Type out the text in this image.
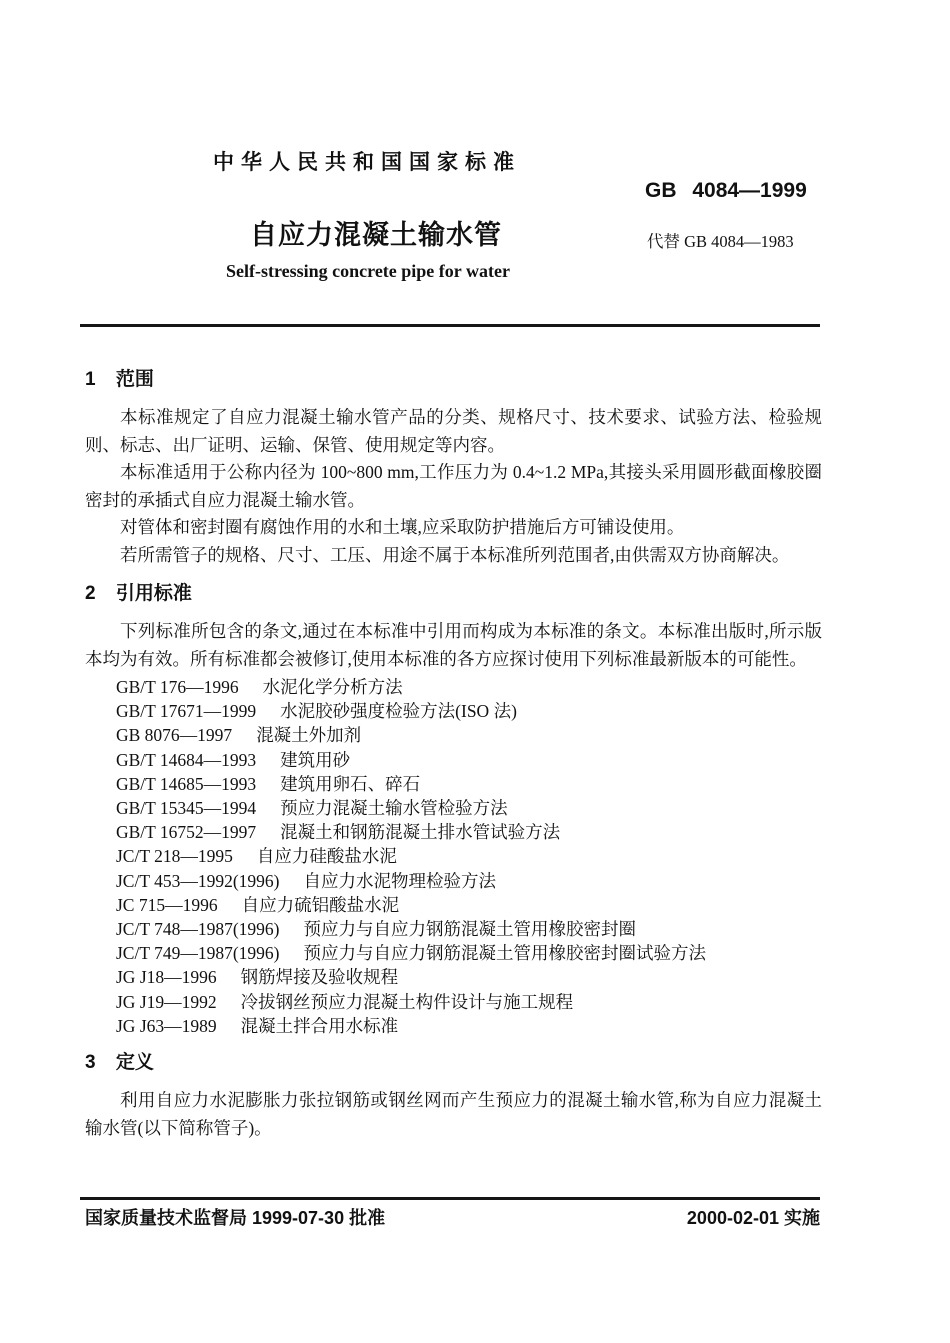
中华人民共和国国家标准
GB 4084—1999
自应力混凝土输水管	代替 GB 4084—1983
Self-stressing concrete pipe for water
1 范围

本标准规定了自应力混凝土输水管产品的分类、规格尺寸、技术要求、试验方法、检验规则、标志、出厂证明、运输、保管、使用规定等内容。

本标准适用于公称内径为 100~800 mm,工作压力为 0.4~1.2 MPa,其接头采用圆形截面橡胶圈密封的承插式自应力混凝土输水管。

对管体和密封圈有腐蚀作用的水和土壤,应采取防护措施后方可铺设使用。

若所需管子的规格、尺寸、工压、用途不属于本标准所列范围者,由供需双方协商解决。

2 引用标准

下列标准所包含的条文,通过在本标准中引用而构成为本标准的条文。本标准出版时,所示版本均为有效。所有标准都会被修订,使用本标准的各方应探讨使用下列标准最新版本的可能性。

GB/T 176—1996 水泥化学分析方法
GB/T 17671—1999 水泥胶砂强度检验方法(ISO 法)
GB 8076—1997 混凝土外加剂
GB/T 14684—1993 建筑用砂
GB/T 14685—1993 建筑用卵石、碎石
GB/T 15345—1994 预应力混凝土输水管检验方法
GB/T 16752—1997 混凝土和钢筋混凝土排水管试验方法
JC/T 218—1995 自应力硅酸盐水泥
JC/T 453—1992(1996) 自应力水泥物理检验方法
JC 715—1996 自应力硫铝酸盐水泥
JC/T 748—1987(1996) 预应力与自应力钢筋混凝土管用橡胶密封圈
JC/T 749—1987(1996) 预应力与自应力钢筋混凝土管用橡胶密封圈试验方法
JG J18—1996 钢筋焊接及验收规程
JG J19—1992 冷拔钢丝预应力混凝土构件设计与施工规程
JG J63—1989 混凝土拌合用水标准
3 定义

利用自应力水泥膨胀力张拉钢筋或钢丝网而产生预应力的混凝土输水管,称为自应力混凝土输水管(以下简称管子)。

国家质量技术监督局 1999-07-30 批准	2000-02-01 实施
